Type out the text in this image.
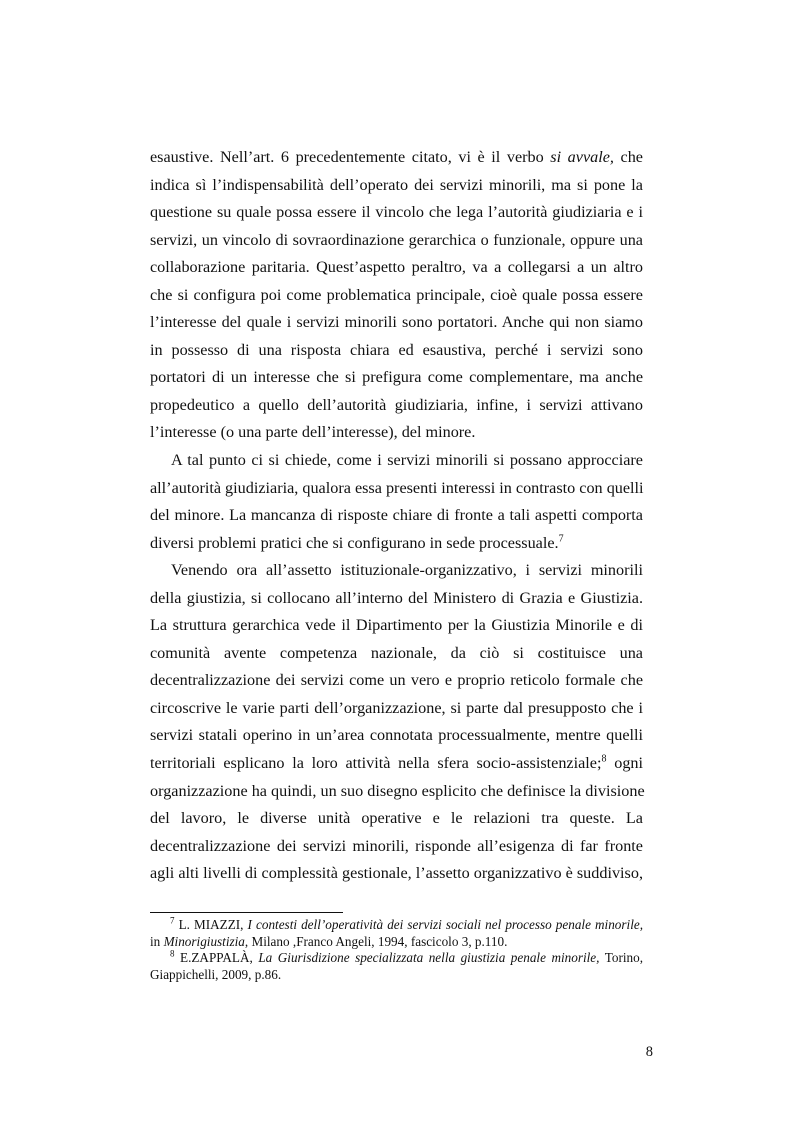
esaustive. Nell’art. 6 precedentemente citato, vi è il verbo si avvale, che
indica sì l’indispensabilità dell’operato dei servizi minorili, ma si pone la
questione su quale possa essere il vincolo che lega l’autorità giudiziaria e i
servizi, un vincolo di sovraordinazione gerarchica o funzionale, oppure una
collaborazione paritaria. Quest’aspetto peraltro, va a collegarsi a un altro
che si configura poi come problematica principale, cioè quale possa essere
l’interesse del quale i servizi minorili sono portatori. Anche qui non siamo
in possesso di una risposta chiara ed esaustiva, perché i servizi sono
portatori di un interesse che si prefigura come complementare, ma anche
propedeutico a quello dell’autorità giudiziaria, infine, i servizi attivano
l’interesse (o una parte dell’interesse), del minore.
A tal punto ci si chiede, come i servizi minorili si possano approcciare
all’autorità giudiziaria, qualora essa presenti interessi in contrasto con quelli
del minore. La mancanza di risposte chiare di fronte a tali aspetti comporta
diversi problemi pratici che si configurano in sede processuale.$^7$
Venendo ora all’assetto istituzionale-organizzativo, i servizi minorili
della giustizia, si collocano all’interno del Ministero di Grazia e Giustizia.
La struttura gerarchica vede il Dipartimento per la Giustizia Minorile e di
comunità avente competenza nazionale, da ciò si costituisce una
decentralizzazione dei servizi come un vero e proprio reticolo formale che
circoscrive le varie parti dell’organizzazione, si parte dal presupposto che i
servizi statali operino in un’area connotata processualmente, mentre quelli
territoriali esplicano la loro attività nella sfera socio-assistenziale;$^8$ ogni
organizzazione ha quindi, un suo disegno esplicito che definisce la divisione
del lavoro, le diverse unità operative e le relazioni tra queste. La
decentralizzazione dei servizi minorili, risponde all’esigenza di far fronte
agli alti livelli di complessità gestionale, l’assetto organizzativo è suddiviso,
$^7$ L. MIAZZI, I contesti dell’operatività dei servizi sociali nel processo penale minorile,
in Minorigiustizia, Milano ,Franco Angeli, 1994, fascicolo 3, p.110.
$^8$ E.ZAPPALÀ, La Giurisdizione specializzata nella giustizia penale minorile, Torino,
Giappichelli, 2009, p.86.
8
